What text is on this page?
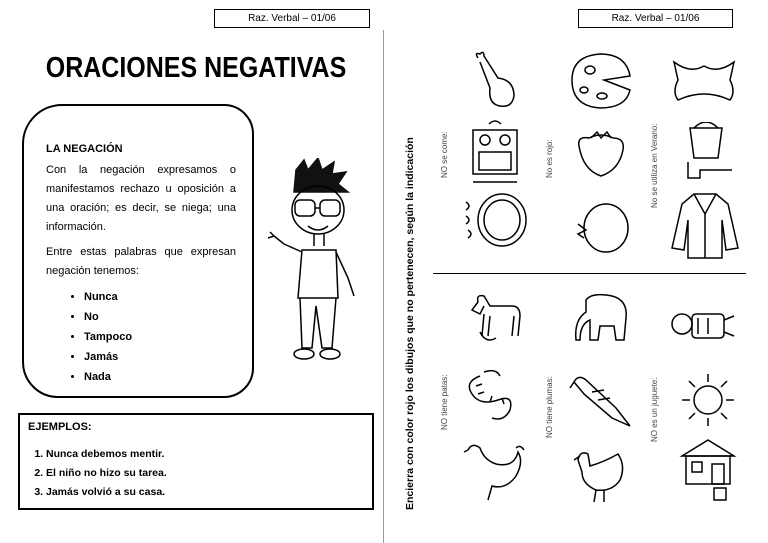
Raz. Verbal – 01/06	Raz. Verbal – 01/06
ORACIONES NEGATIVAS
LA NEGACIÓN

Con la negación expresamos o manifestamos rechazo u oposición a una oración; es decir, se niega; una información.

Entre estas palabras que expresan negación tenemos:

• Nunca
• No
• Tampoco
• Jamás
• Nada
EJEMPLOS:
1. Nunca debemos mentir.
2. El niño no hizo su tarea.
3. Jamás volvió a su casa.	Encierra con color rojo los dibujos que no pertenecen, según la indicación	NO se come:	No es rojo:	No se utiliza en Verano:
NO tiene patas:	NO tiene plumas:	NO es un juguete:
